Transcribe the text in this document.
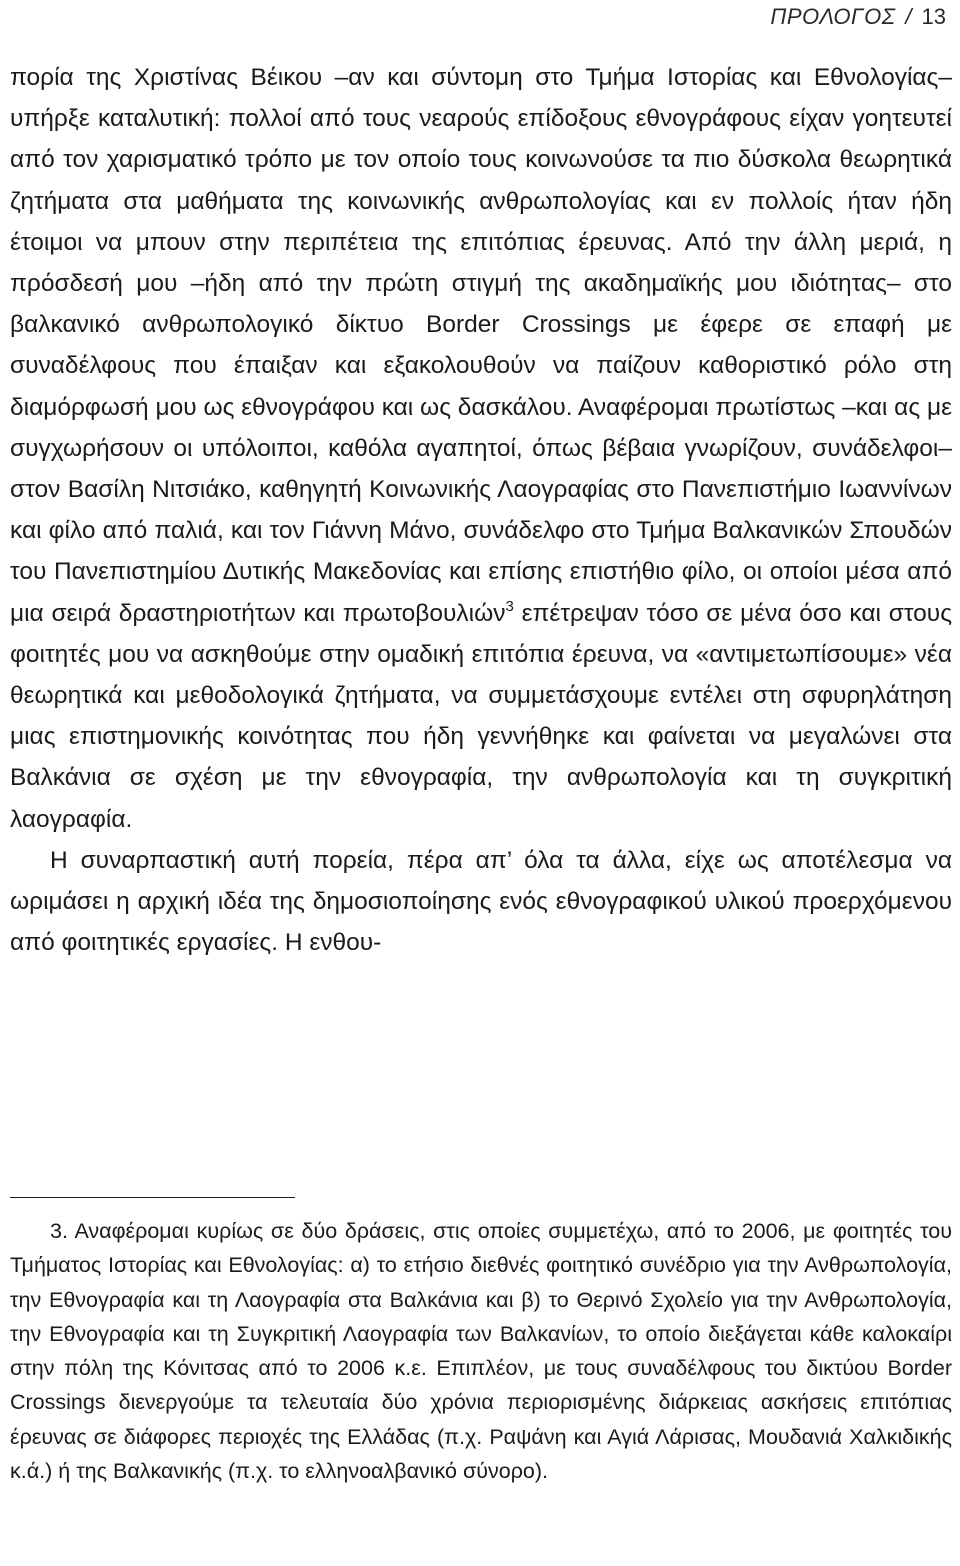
ΠΡΟΛΟΓΟΣ / 13

πορία της Χριστίνας Βέικου –αν και σύντομη στο Τμήμα Ιστορίας και Εθνολογίας– υπήρξε καταλυτική: πολλοί από τους νεαρούς επίδοξους εθνογράφους είχαν γοητευτεί από τον χαρισματικό τρόπο με τον οποίο τους κοινωνούσε τα πιο δύσκολα θεωρητικά ζητήματα στα μαθήματα της κοινωνικής ανθρωπολογίας και εν πολλοίς ήταν ήδη έτοιμοι να μπουν στην περιπέτεια της επιτόπιας έρευνας. Από την άλλη μεριά, η πρόσδεσή μου –ήδη από την πρώτη στιγμή της ακαδημαϊκής μου ιδιότητας– στο βαλκανικό ανθρωπολογικό δίκτυο Border Crossings με έφερε σε επαφή με συναδέλφους που έπαιξαν και εξακολουθούν να παίζουν καθοριστικό ρόλο στη διαμόρφωσή μου ως εθνογράφου και ως δασκάλου. Αναφέρομαι πρωτίστως –και ας με συγχωρήσουν οι υπόλοιποι, καθόλα αγαπητοί, όπως βέβαια γνωρίζουν, συνάδελφοι– στον Βασίλη Νιτσιάκο, καθηγητή Κοινωνικής Λαογραφίας στο Πανεπιστήμιο Ιωαννίνων και φίλο από παλιά, και τον Γιάννη Μάνο, συνάδελφο στο Τμήμα Βαλκανικών Σπουδών του Πανεπιστημίου Δυτικής Μακεδονίας και επίσης επιστήθιο φίλο, οι οποίοι μέσα από μια σειρά δραστηριοτήτων και πρωτοβουλιών$^3$ επέτρεψαν τόσο σε μένα όσο και στους φοιτητές μου να ασκηθούμε στην ομαδική επιτόπια έρευνα, να «αντιμετωπίσουμε» νέα θεωρητικά και μεθοδολογικά ζητήματα, να συμμετάσχουμε εντέλει στη σφυρηλάτηση μιας επιστημονικής κοινότητας που ήδη γεννήθηκε και φαίνεται να μεγαλώνει στα Βαλκάνια σε σχέση με την εθνογραφία, την ανθρωπολογία και τη συγκριτική λαογραφία.

Η συναρπαστική αυτή πορεία, πέρα απ’ όλα τα άλλα, είχε ως αποτέλεσμα να ωριμάσει η αρχική ιδέα της δημοσιοποίησης ενός εθνογραφικού υλικού προερχόμενου από φοιτητικές εργασίες. Η ενθου-

3. Αναφέρομαι κυρίως σε δύο δράσεις, στις οποίες συμμετέχω, από το 2006, με φοιτητές του Τμήματος Ιστορίας και Εθνολογίας: α) το ετήσιο διεθνές φοιτητικό συνέδριο για την Ανθρωπολογία, την Εθνογραφία και τη Λαογραφία στα Βαλκάνια και β) το Θερινό Σχολείο για την Ανθρωπολογία, την Εθνογραφία και τη Συγκριτική Λαογραφία των Βαλκανίων, το οποίο διεξάγεται κάθε καλοκαίρι στην πόλη της Κόνιτσας από το 2006 κ.ε. Επιπλέον, με τους συναδέλφους του δικτύου Border Crossings διενεργούμε τα τελευταία δύο χρόνια περιορισμένης διάρκειας ασκήσεις επιτόπιας έρευνας σε διάφορες περιοχές της Ελλάδας (π.χ. Ραψάνη και Αγιά Λάρισας, Μουδανιά Χαλκιδικής κ.ά.) ή της Βαλκανικής (π.χ. το ελληνοαλβανικό σύνορο).
